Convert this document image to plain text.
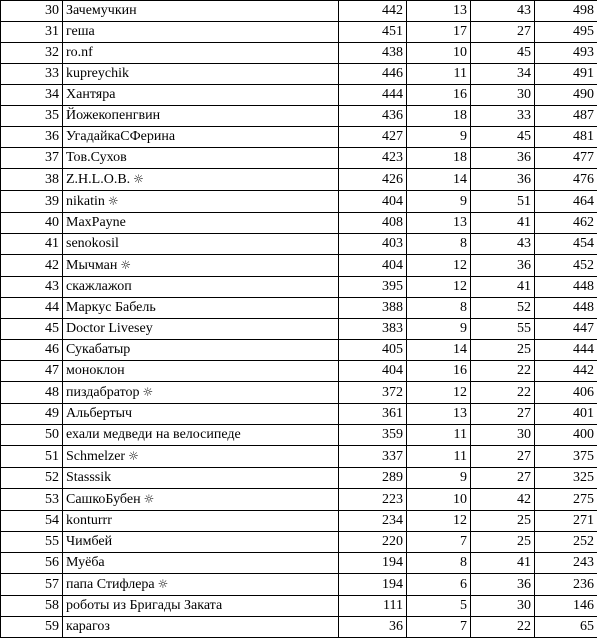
30	Зачемучкин	442	13	43	498
31	геша	451	17	27	495
32	ro.nf	438	10	45	493
33	kupreychik	446	11	34	491
34	Хантяра	444	16	30	490
35	Йожекопенгвин	436	18	33	487
36	УгадайкаСФерина	427	9	45	481
37	Тов.Сухов	423	18	36	477
38	Z.H.L.O.B. ☼	426	14	36	476
39	nikatin ☼	404	9	51	464
40	MaxPayne	408	13	41	462
41	senokosil	403	8	43	454
42	Мычман ☼	404	12	36	452
43	скажлажоп	395	12	41	448
44	Маркус Бабель	388	8	52	448
45	Doctor Livesey	383	9	55	447
46	Сукабатыр	405	14	25	444
47	моноклон	404	16	22	442
48	пиздабратор ☼	372	12	22	406
49	Альбертыч	361	13	27	401
50	ехали медведи на велосипеде	359	11	30	400
51	Schmelzer ☼	337	11	27	375
52	Stasssik	289	9	27	325
53	СашкоБубен ☼	223	10	42	275
54	konturrr	234	12	25	271
55	Чимбей	220	7	25	252
56	Муёба	194	8	41	243
57	папа Стифлера ☼	194	6	36	236
58	роботы из Бригады Заката	111	5	30	146
59	карагоз	36	7	22	65
